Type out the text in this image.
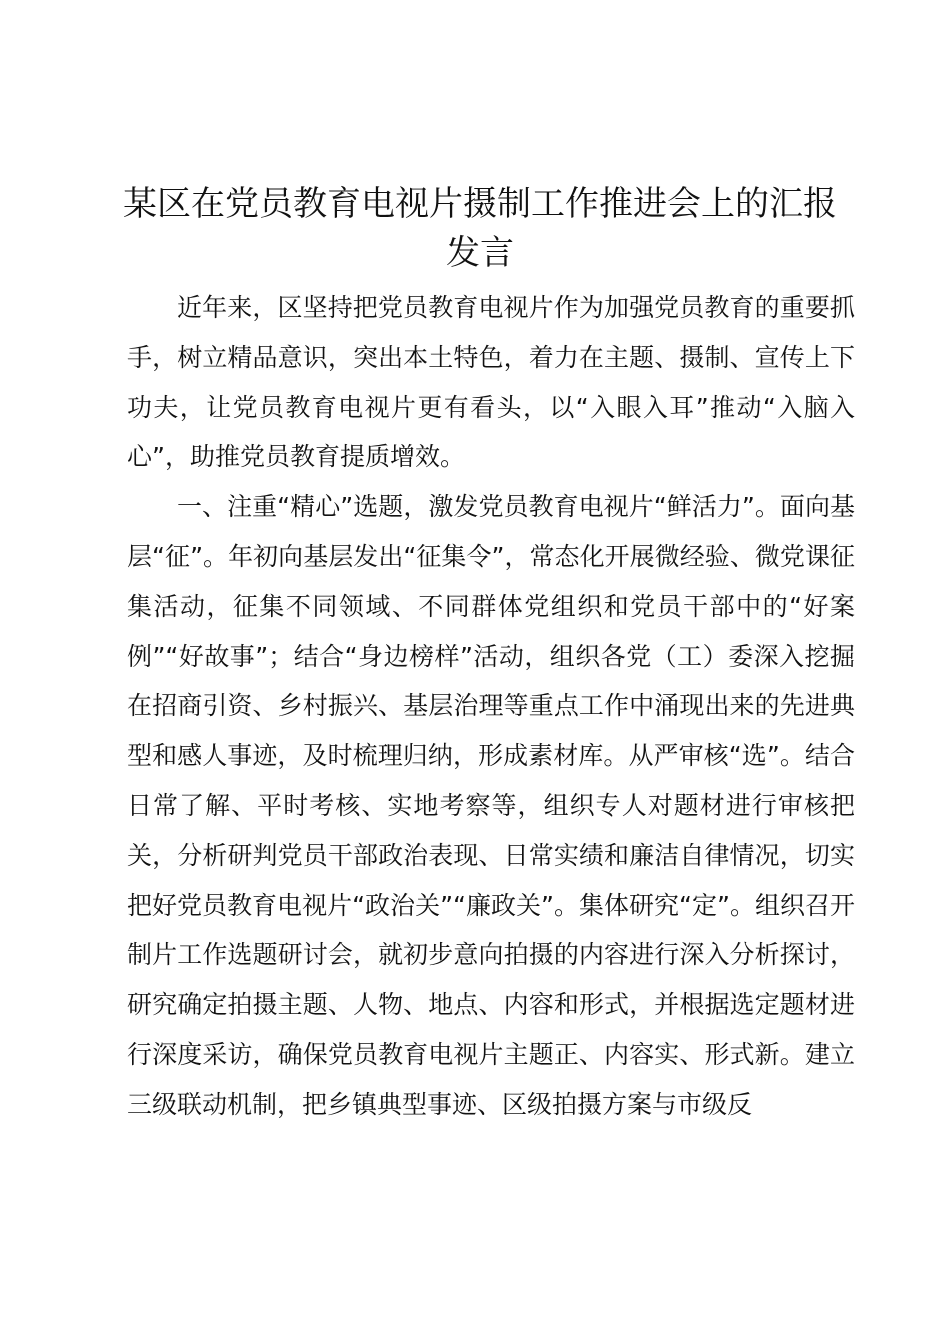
某区在党员教育电视片摄制工作推进会上的汇报发言

近年来，区坚持把党员教育电视片作为加强党员教育的重要抓手，树立精品意识，突出本土特色，着力在主题、摄制、宣传上下功夫，让党员教育电视片更有看头，以“入眼入耳”推动“入脑入心”，助推党员教育提质增效。

一、注重“精心”选题，激发党员教育电视片“鲜活力”。面向基层“征”。年初向基层发出“征集令”，常态化开展微经验、微党课征集活动，征集不同领域、不同群体党组织和党员干部中的“好案例”“好故事”；结合“身边榜样”活动，组织各党（工）委深入挖掘在招商引资、乡村振兴、基层治理等重点工作中涌现出来的先进典型和感人事迹，及时梳理归纳，形成素材库。从严审核“选”。结合日常了解、平时考核、实地考察等，组织专人对题材进行审核把关，分析研判党员干部政治表现、日常实绩和廉洁自律情况，切实把好党员教育电视片“政治关”“廉政关”。集体研究“定”。组织召开制片工作选题研讨会，就初步意向拍摄的内容进行深入分析探讨，研究确定拍摄主题、人物、地点、内容和形式，并根据选定题材进行深度采访，确保党员教育电视片主题正、内容实、形式新。建立三级联动机制，把乡镇典型事迹、区级拍摄方案与市级反
